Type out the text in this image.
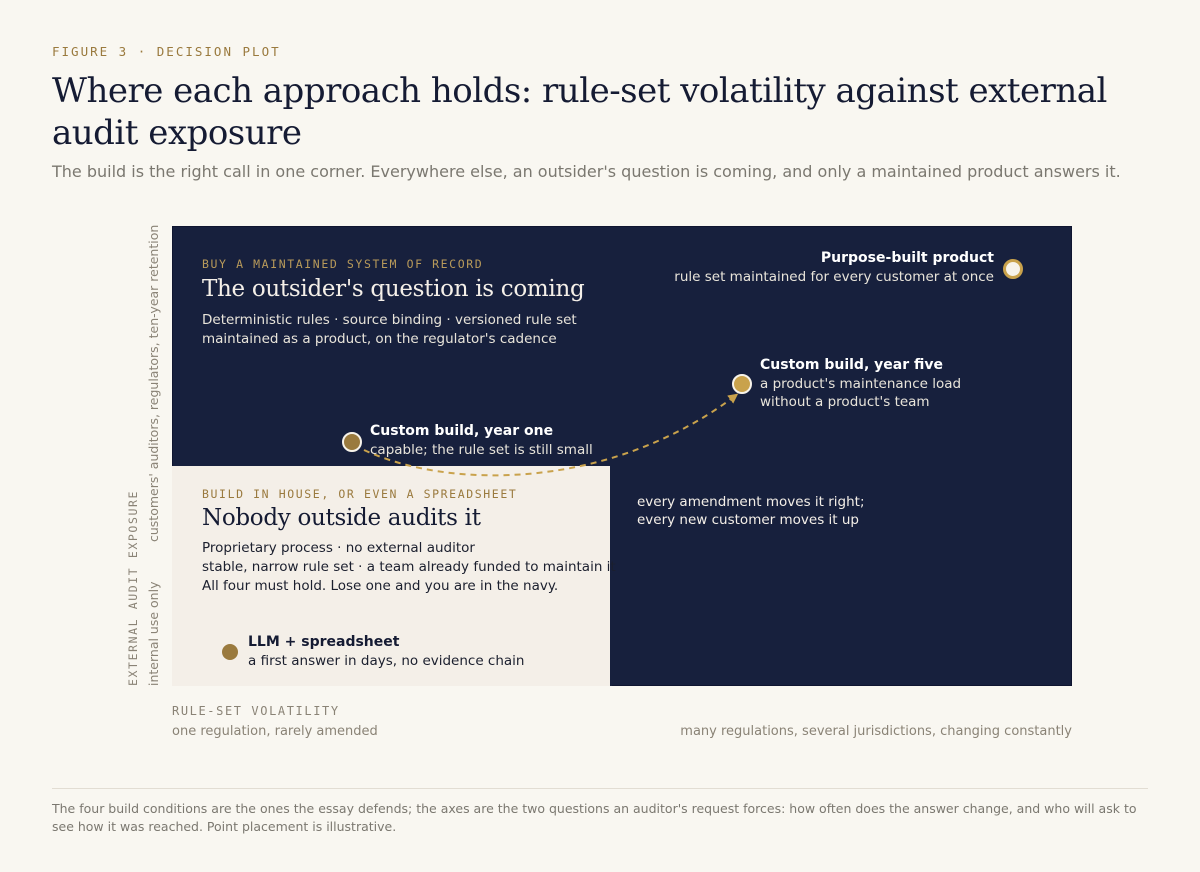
FIGURE 3 · DECISION PLOT
Where each approach holds: rule-set volatility against external audit exposure
The build is the right call in one corner. Everywhere else, an outsider's question is coming, and only a maintained product answers it.
BUY A MAINTAINED SYSTEM OF RECORD
The outsider's question is coming
Deterministic rules · source binding · versioned rule set
maintained as a product, on the regulator's cadence
BUILD IN HOUSE, OR EVEN A SPREADSHEET
Nobody outside audits it
Proprietary process · no external auditor
stable, narrow rule set · a team already funded to maintain it
All four must hold. Lose one and you are in the navy.
Purpose-built product
rule set maintained for every customer at once
Custom build, year five
a product's maintenance load
without a product's team
Custom build, year one
capable; the rule set is still small
every amendment moves it right;
every new customer moves it up
LLM + spreadsheet
a first answer in days, no evidence chain
EXTERNAL AUDIT EXPOSURE internal use only
customers' auditors, regulators, ten-year retention
RULE-SET VOLATILITY
one regulation, rarely amended	many regulations, several jurisdictions, changing constantly
The four build conditions are the ones the essay defends; the axes are the two questions an auditor's request forces: how often does the answer change, and who will ask to see how it was reached. Point placement is illustrative.
